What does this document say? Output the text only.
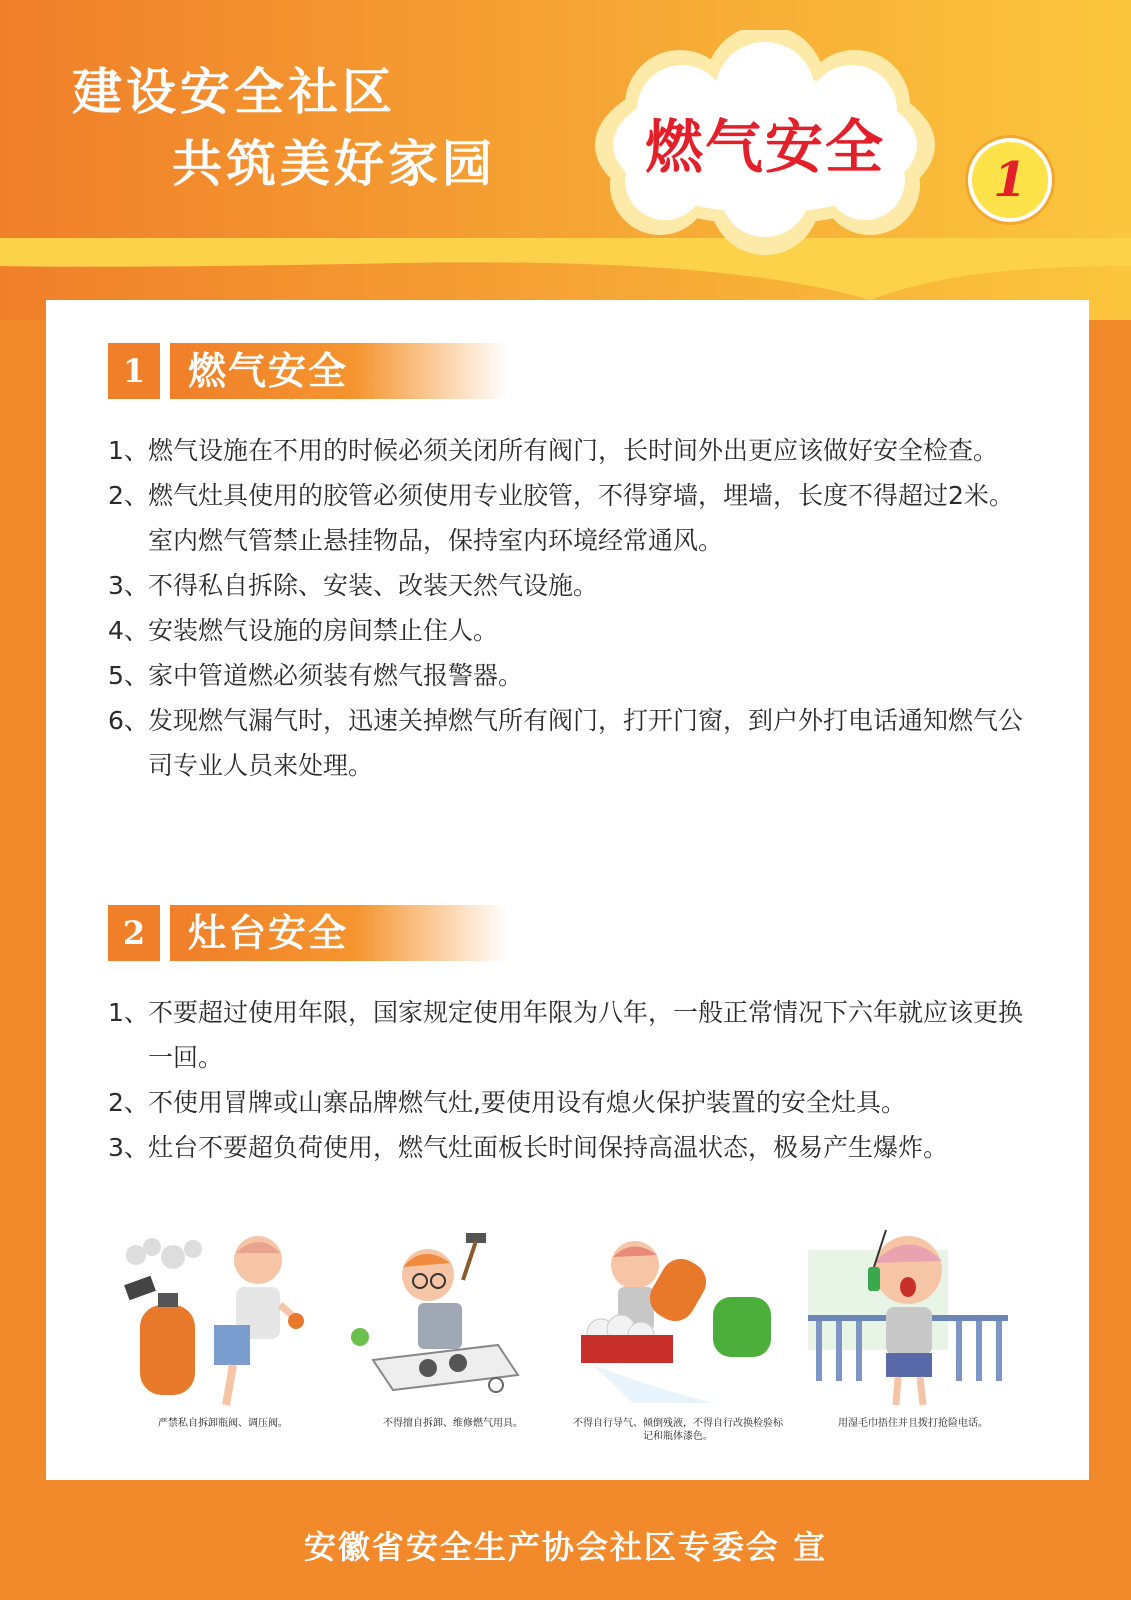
建设安全社区
共筑美好家园	燃气安全	1
1	燃气安全
1、 燃气设施在不用的时候必须关闭所有阀门，长时间外出更应该做好安全检查。
2、 燃气灶具使用的胶管必须使用专业胶管，不得穿墙，埋墙，长度不得超过2米。室内燃气管禁止悬挂物品，保持室内环境经常通风。
3、 不得私自拆除、安装、改装天然气设施。
4、 安装燃气设施的房间禁止住人。
5、 家中管道燃必须装有燃气报警器。
6、 发现燃气漏气时，迅速关掉燃气所有阀门，打开门窗，到户外打电话通知燃气公司专业人员来处理。
2	灶台安全
1、 不要超过使用年限，国家规定使用年限为八年，一般正常情况下六年就应该更换一回。
2、 不使用冒牌或山寨品牌燃气灶,要使用设有熄火保护装置的安全灶具。
3、 灶台不要超负荷使用，燃气灶面板长时间保持高温状态，极易产生爆炸。
严禁私自拆卸瓶阀、调压阀。	不得擅自拆卸、维修燃气用具。	不得自行导气、倾倒残液，不得自行改换检验标记和瓶体漆色。
用湿毛巾捂住并且拨打抢险电话。
安徽省安全生产协会社区专委会 宣
